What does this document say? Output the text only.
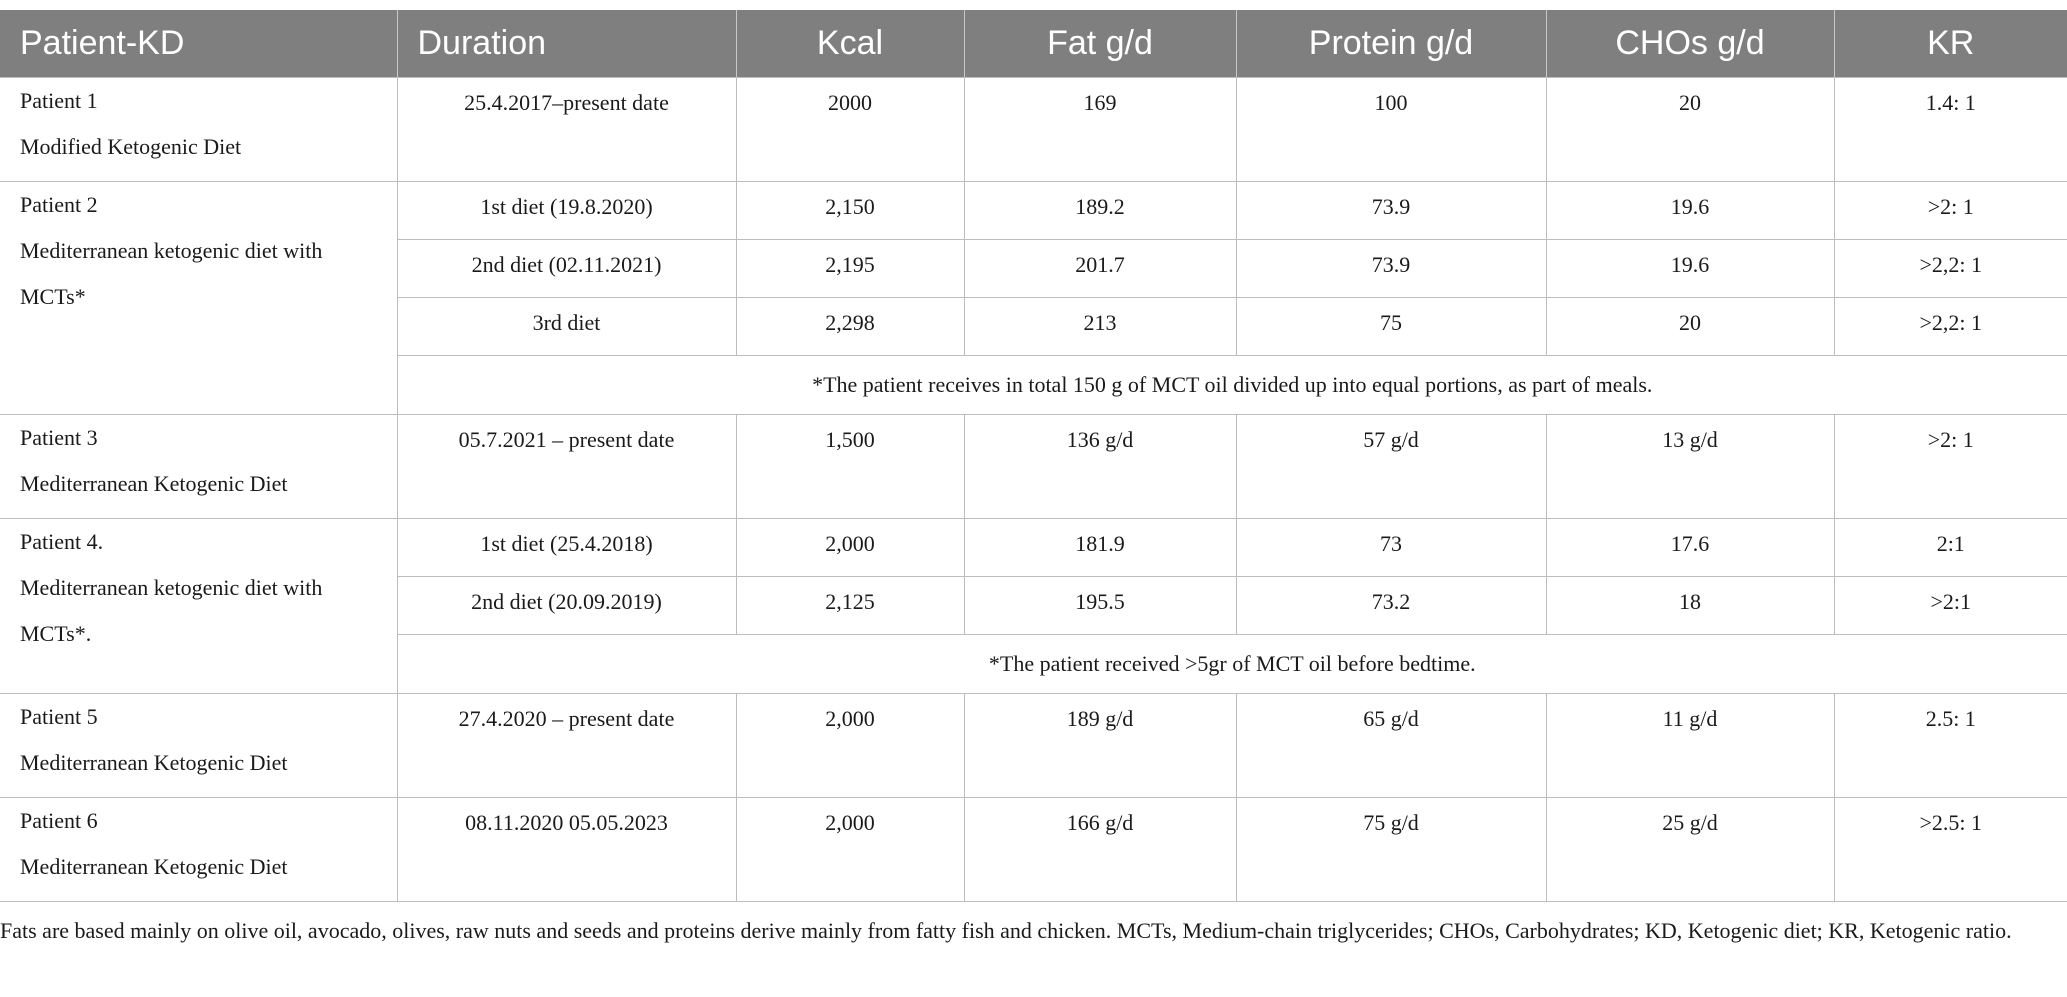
Patient-KD	Duration	Kcal	Fat g/d	Protein g/d	CHOs g/d	KR

Patient 1
Modified Ketogenic Diet	25.4.2017–present date	2000	169	100	20	1.4: 1

Patient 2
Mediterranean ketogenic diet with
MCTs*	1st diet (19.8.2020)	2,150	189.2	73.9	19.6	>2: 1
	2nd diet (02.11.2021)	2,195	201.7	73.9	19.6	>2,2: 1
	3rd diet	2,298	213	75	20	>2,2: 1
	*The patient receives in total 150 g of MCT oil divided up into equal portions, as part of meals.					

Patient 3
Mediterranean Ketogenic Diet	05.7.2021 – present date	1,500	136 g/d	57 g/d	13 g/d	>2: 1

Patient 4.
Mediterranean ketogenic diet with
MCTs*.	1st diet (25.4.2018)	2,000	181.9	73	17.6	2:1
	2nd diet (20.09.2019)	2,125	195.5	73.2	18	>2:1
	*The patient received >5gr of MCT oil before bedtime.					

Patient 5
Mediterranean Ketogenic Diet	27.4.2020 – present date	2,000	189 g/d	65 g/d	11 g/d	2.5: 1

Patient 6
Mediterranean Ketogenic Diet	08.11.2020 05.05.2023	2,000	166 g/d	75 g/d	25 g/d	>2.5: 1

Fats are based mainly on olive oil, avocado, olives, raw nuts and seeds and proteins derive mainly from fatty fish and chicken. MCTs, Medium-chain triglycerides; CHOs, Carbohydrates; KD, Ketogenic diet; KR, Ketogenic ratio.
